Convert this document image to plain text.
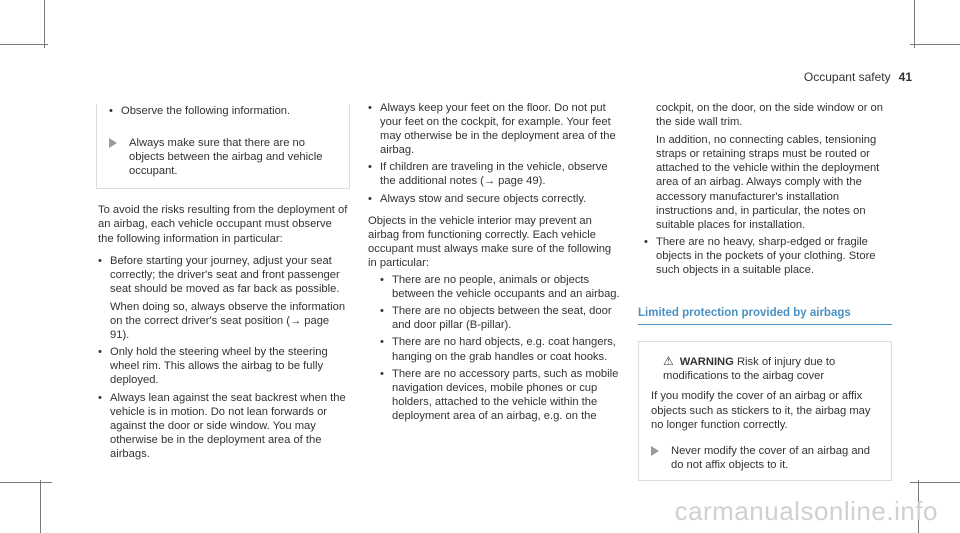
Occupant safety 41
• Observe the following information.
Always make sure that there are no objects between the airbag and vehicle occupant.

To avoid the risks resulting from the deployment of an airbag, each vehicle occupant must observe the following information in particular:

• Before starting your journey, adjust your seat correctly; the driver's seat and front passenger seat should be moved as far back as possible.
When doing so, always observe the information on the correct driver's seat position (→ page 91).
• Only hold the steering wheel by the steering wheel rim. This allows the airbag to be fully deployed.
• Always lean against the seat backrest when the vehicle is in motion. Do not lean forwards or against the door or side window. You may otherwise be in the deployment area of the airbags.
• Always keep your feet on the floor. Do not put your feet on the cockpit, for example. Your feet may otherwise be in the deployment area of the airbag.
• If children are traveling in the vehicle, observe the additional notes (→ page 49).
• Always stow and secure objects correctly.

Objects in the vehicle interior may prevent an airbag from functioning correctly. Each vehicle occupant must always make sure of the following in particular:

• There are no people, animals or objects between the vehicle occupants and an airbag.
• There are no objects between the seat, door and door pillar (B-pillar).
• There are no hard objects, e.g. coat hangers, hanging on the grab handles or coat hooks.
• There are no accessory parts, such as mobile navigation devices, mobile phones or cup holders, attached to the vehicle within the deployment area of an airbag, e.g. on the

cockpit, on the door, on the side window or on the side wall trim.

In addition, no connecting cables, tensioning straps or retaining straps must be routed or attached to the vehicle within the deployment area of an airbag. Always comply with the accessory manufacturer's installation instructions and, in particular, the notes on suitable places for installation.

• There are no heavy, sharp-edged or fragile objects in the pockets of your clothing. Store such objects in a suitable place.
Limited protection provided by airbags
⚠ WARNING Risk of injury due to modifications to the airbag cover

If you modify the cover of an airbag or affix objects such as stickers to it, the airbag may no longer function correctly.

Never modify the cover of an airbag and do not affix objects to it.
carmanualsonline.info
